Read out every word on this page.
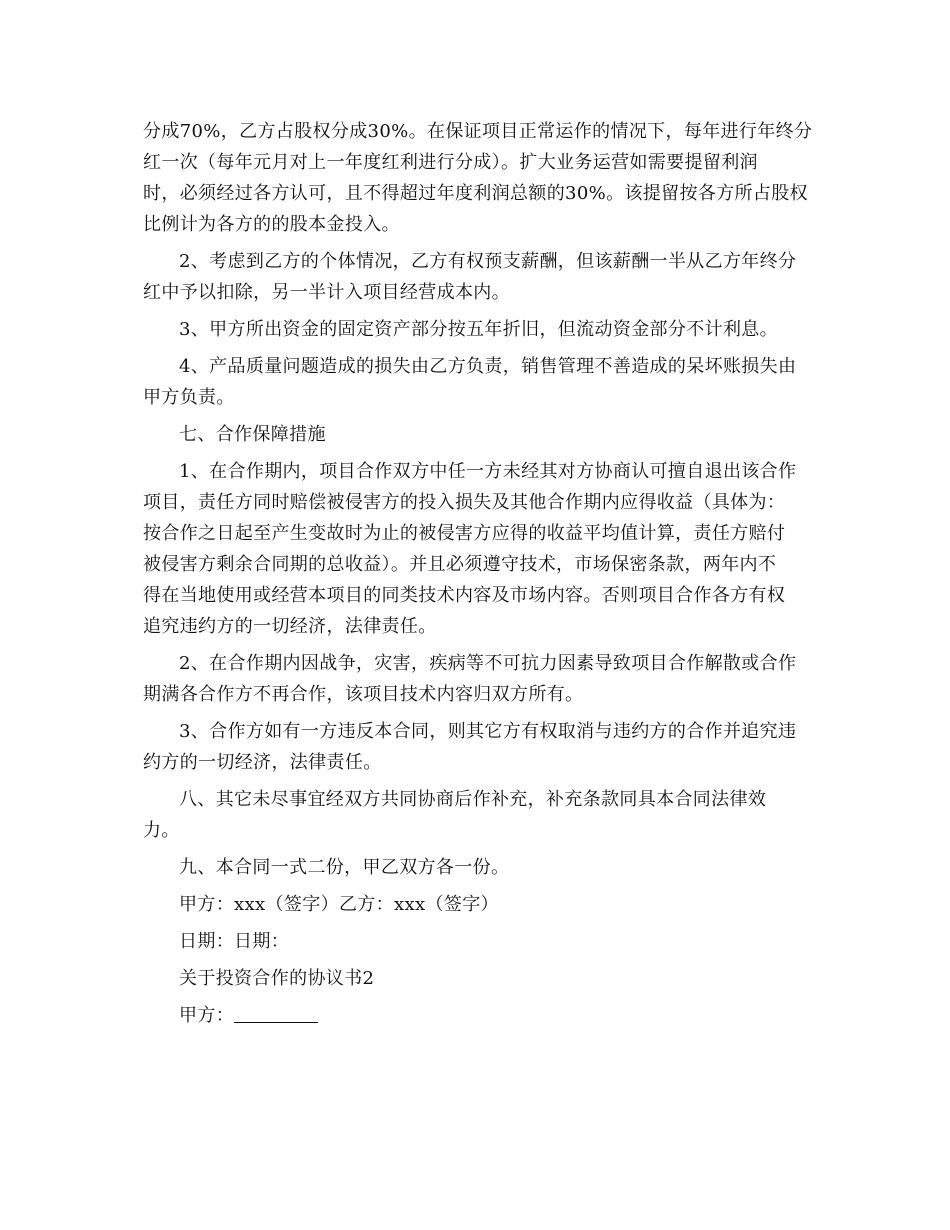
分成70%，乙方占股权分成30%。在保证项目正常运作的情况下，每年进行年终分
红一次（每年元月对上一年度红利进行分成）。扩大业务运营如需要提留利润
时，必须经过各方认可，且不得超过年度利润总额的30%。该提留按各方所占股权
比例计为各方的的股本金投入。
2、考虑到乙方的个体情况，乙方有权预支薪酬，但该薪酬一半从乙方年终分
红中予以扣除，另一半计入项目经营成本内。
3、甲方所出资金的固定资产部分按五年折旧，但流动资金部分不计利息。
4、产品质量问题造成的损失由乙方负责，销售管理不善造成的呆坏账损失由
甲方负责。
七、合作保障措施
1、在合作期内，项目合作双方中任一方未经其对方协商认可擅自退出该合作
项目，责任方同时赔偿被侵害方的投入损失及其他合作期内应得收益（具体为：
按合作之日起至产生变故时为止的被侵害方应得的收益平均值计算，责任方赔付
被侵害方剩余合同期的总收益）。并且必须遵守技术，市场保密条款，两年内不
得在当地使用或经营本项目的同类技术内容及市场内容。否则项目合作各方有权
追究违约方的一切经济，法律责任。
2、在合作期内因战争，灾害，疾病等不可抗力因素导致项目合作解散或合作
期满各合作方不再合作，该项目技术内容归双方所有。
3、合作方如有一方违反本合同，则其它方有权取消与违约方的合作并追究违
约方的一切经济，法律责任。
八、其它未尽事宜经双方共同协商后作补充，补充条款同具本合同法律效
力。
九、本合同一式二份，甲乙双方各一份。
甲方：xxx（签字）乙方：xxx（签字）
日期：日期：
关于投资合作的协议书2
甲方：
